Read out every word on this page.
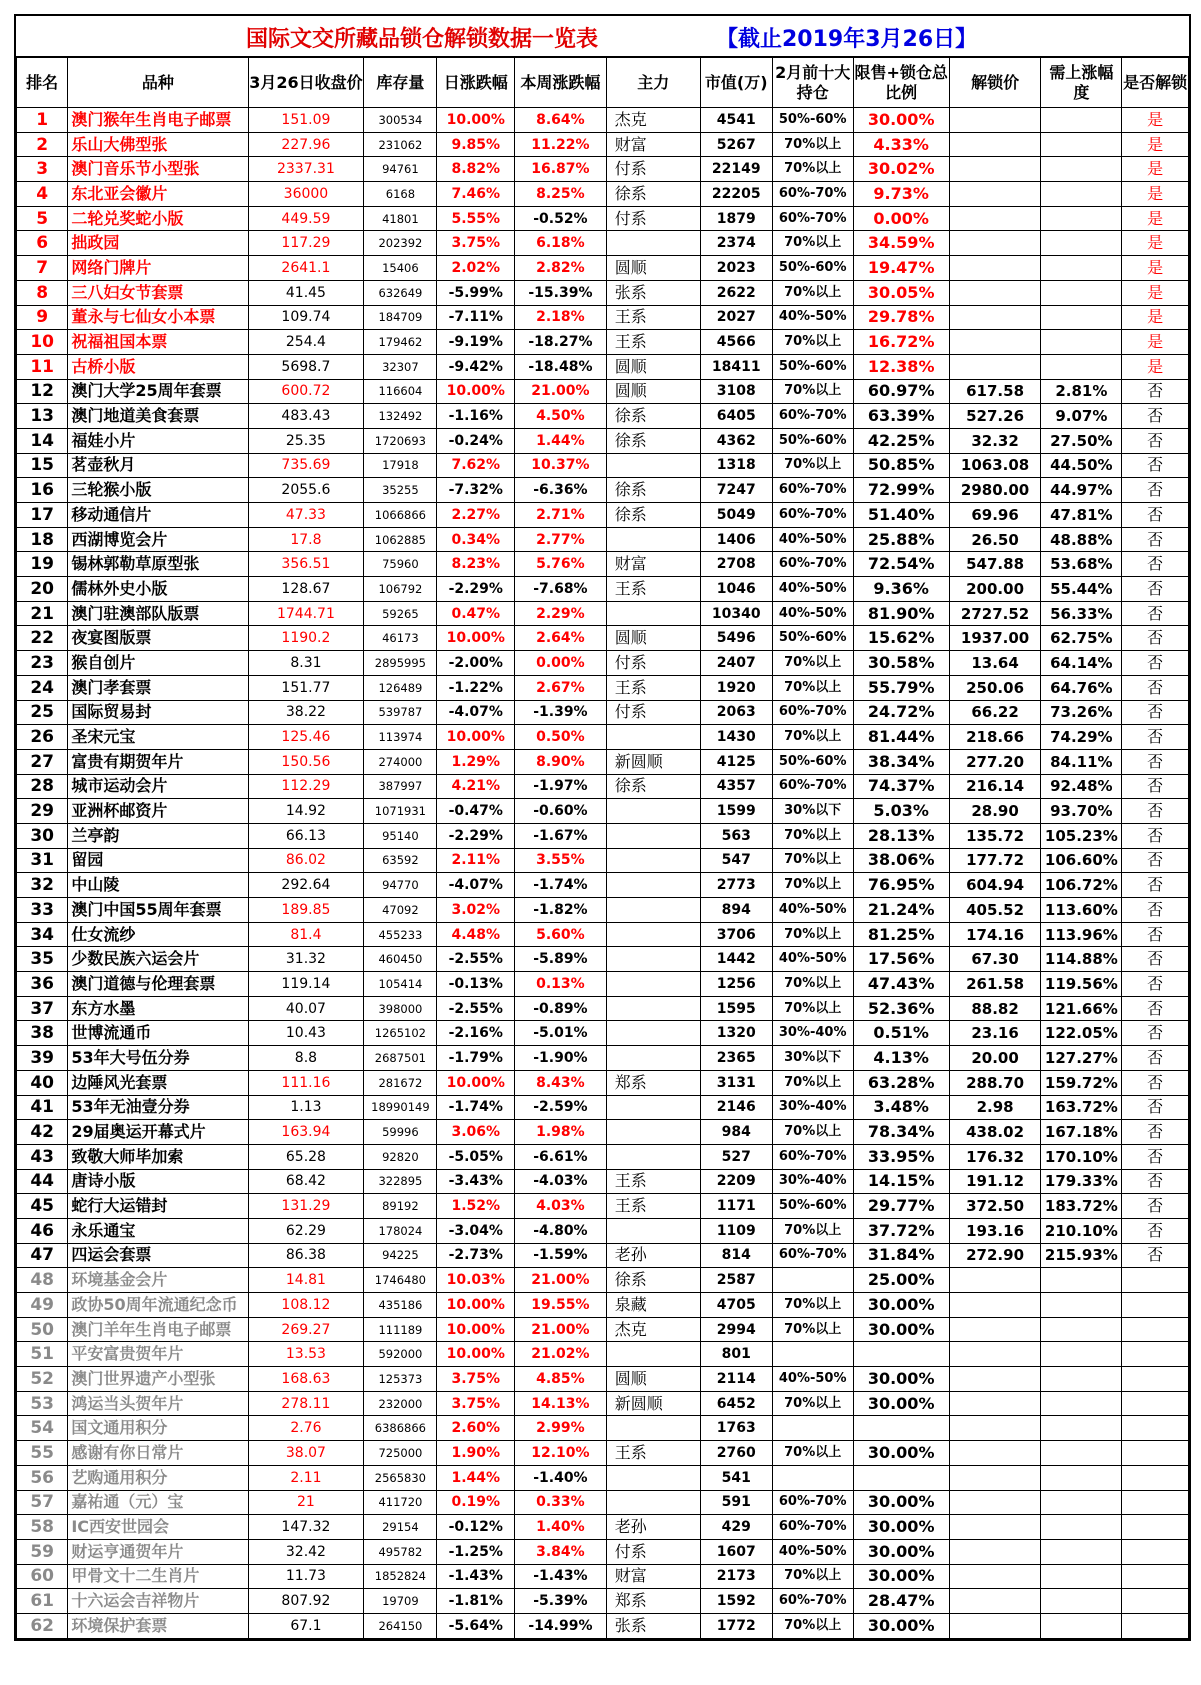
国际文交所藏品锁仓解锁数据一览表	【截止2019年3月26日】
排名	品种	3月26日收盘价	库存量	日涨跌幅	本周涨跌幅	主力	市值(万)	2月前十大持仓	限售+锁仓总比例	解锁价	需上涨幅度	是否解锁
1	澳门猴年生肖电子邮票	151.09	300534	10.00%	8.64%	杰克	4541	50%-60%	30.00%			是
2	乐山大佛型张	227.96	231062	9.85%	11.22%	财富	5267	70%以上	4.33%			是
3	澳门音乐节小型张	2337.31	94761	8.82%	16.87%	付系	22149	70%以上	30.02%			是
4	东北亚会徽片	36000	6168	7.46%	8.25%	徐系	22205	60%-70%	9.73%			是
5	二轮兑奖蛇小版	449.59	41801	5.55%	-0.52%	付系	1879	60%-70%	0.00%			是
6	拙政园	117.29	202392	3.75%	6.18%		2374	70%以上	34.59%			是
7	网络门牌片	2641.1	15406	2.02%	2.82%	圆顺	2023	50%-60%	19.47%			是
8	三八妇女节套票	41.45	632649	-5.99%	-15.39%	张系	2622	70%以上	30.05%			是
9	董永与七仙女小本票	109.74	184709	-7.11%	2.18%	王系	2027	40%-50%	29.78%			是
10	祝福祖国本票	254.4	179462	-9.19%	-18.27%	王系	4566	70%以上	16.72%			是
11	古桥小版	5698.7	32307	-9.42%	-18.48%	圆顺	18411	50%-60%	12.38%			是
12	澳门大学25周年套票	600.72	116604	10.00%	21.00%	圆顺	3108	70%以上	60.97%	617.58	2.81%	否
13	澳门地道美食套票	483.43	132492	-1.16%	4.50%	徐系	6405	60%-70%	63.39%	527.26	9.07%	否
14	福娃小片	25.35	1720693	-0.24%	1.44%	徐系	4362	50%-60%	42.25%	32.32	27.50%	否
15	茗壶秋月	735.69	17918	7.62%	10.37%		1318	70%以上	50.85%	1063.08	44.50%	否
16	三轮猴小版	2055.6	35255	-7.32%	-6.36%	徐系	7247	60%-70%	72.99%	2980.00	44.97%	否
17	移动通信片	47.33	1066866	2.27%	2.71%	徐系	5049	60%-70%	51.40%	69.96	47.81%	否
18	西湖博览会片	17.8	1062885	0.34%	2.77%		1406	40%-50%	25.88%	26.50	48.88%	否
19	锡林郭勒草原型张	356.51	75960	8.23%	5.76%	财富	2708	60%-70%	72.54%	547.88	53.68%	否
20	儒林外史小版	128.67	106792	-2.29%	-7.68%	王系	1046	40%-50%	9.36%	200.00	55.44%	否
21	澳门驻澳部队版票	1744.71	59265	0.47%	2.29%		10340	40%-50%	81.90%	2727.52	56.33%	否
22	夜宴图版票	1190.2	46173	10.00%	2.64%	圆顺	5496	50%-60%	15.62%	1937.00	62.75%	否
23	猴自创片	8.31	2895995	-2.00%	0.00%	付系	2407	70%以上	30.58%	13.64	64.14%	否
24	澳门孝套票	151.77	126489	-1.22%	2.67%	王系	1920	70%以上	55.79%	250.06	64.76%	否
25	国际贸易封	38.22	539787	-4.07%	-1.39%	付系	2063	60%-70%	24.72%	66.22	73.26%	否
26	圣宋元宝	125.46	113974	10.00%	0.50%		1430	70%以上	81.44%	218.66	74.29%	否
27	富贵有期贺年片	150.56	274000	1.29%	8.90%	新圆顺	4125	50%-60%	38.34%	277.20	84.11%	否
28	城市运动会片	112.29	387997	4.21%	-1.97%	徐系	4357	60%-70%	74.37%	216.14	92.48%	否
29	亚洲杯邮资片	14.92	1071931	-0.47%	-0.60%		1599	30%以下	5.03%	28.90	93.70%	否
30	兰亭韵	66.13	95140	-2.29%	-1.67%		563	70%以上	28.13%	135.72	105.23%	否
31	留园	86.02	63592	2.11%	3.55%		547	70%以上	38.06%	177.72	106.60%	否
32	中山陵	292.64	94770	-4.07%	-1.74%		2773	70%以上	76.95%	604.94	106.72%	否
33	澳门中国55周年套票	189.85	47092	3.02%	-1.82%		894	40%-50%	21.24%	405.52	113.60%	否
34	仕女流纱	81.4	455233	4.48%	5.60%		3706	70%以上	81.25%	174.16	113.96%	否
35	少数民族六运会片	31.32	460450	-2.55%	-5.89%		1442	40%-50%	17.56%	67.30	114.88%	否
36	澳门道德与伦理套票	119.14	105414	-0.13%	0.13%		1256	70%以上	47.43%	261.58	119.56%	否
37	东方水墨	40.07	398000	-2.55%	-0.89%		1595	70%以上	52.36%	88.82	121.66%	否
38	世博流通币	10.43	1265102	-2.16%	-5.01%		1320	30%-40%	0.51%	23.16	122.05%	否
39	53年大号伍分券	8.8	2687501	-1.79%	-1.90%		2365	30%以下	4.13%	20.00	127.27%	否
40	边陲风光套票	111.16	281672	10.00%	8.43%	郑系	3131	70%以上	63.28%	288.70	159.72%	否
41	53年无油壹分券	1.13	18990149	-1.74%	-2.59%		2146	30%-40%	3.48%	2.98	163.72%	否
42	29届奥运开幕式片	163.94	59996	3.06%	1.98%		984	70%以上	78.34%	438.02	167.18%	否
43	致敬大师毕加索	65.28	92820	-5.05%	-6.61%		527	60%-70%	33.95%	176.32	170.10%	否
44	唐诗小版	68.42	322895	-3.43%	-4.03%	王系	2209	30%-40%	14.15%	191.12	179.33%	否
45	蛇行大运错封	131.29	89192	1.52%	4.03%	王系	1171	50%-60%	29.77%	372.50	183.72%	否
46	永乐通宝	62.29	178024	-3.04%	-4.80%		1109	70%以上	37.72%	193.16	210.10%	否
47	四运会套票	86.38	94225	-2.73%	-1.59%	老孙	814	60%-70%	31.84%	272.90	215.93%	否
48	环境基金会片	14.81	1746480	10.03%	21.00%	徐系	2587		25.00%			
49	政协50周年流通纪念币	108.12	435186	10.00%	19.55%	泉藏	4705	70%以上	30.00%			
50	澳门羊年生肖电子邮票	269.27	111189	10.00%	21.00%	杰克	2994	70%以上	30.00%			
51	平安富贵贺年片	13.53	592000	10.00%	21.02%		801					
52	澳门世界遗产小型张	168.63	125373	3.75%	4.85%	圆顺	2114	40%-50%	30.00%			
53	鸿运当头贺年片	278.11	232000	3.75%	14.13%	新圆顺	6452	70%以上	30.00%			
54	国文通用积分	2.76	6386866	2.60%	2.99%		1763					
55	感谢有你日常片	38.07	725000	1.90%	12.10%	王系	2760	70%以上	30.00%			
56	艺购通用积分	2.11	2565830	1.44%	-1.40%		541					
57	嘉祐通（元）宝	21	411720	0.19%	0.33%		591	60%-70%	30.00%			
58	IC西安世园会	147.32	29154	-0.12%	1.40%	老孙	429	60%-70%	30.00%			
59	财运亨通贺年片	32.42	495782	-1.25%	3.84%	付系	1607	40%-50%	30.00%			
60	甲骨文十二生肖片	11.73	1852824	-1.43%	-1.43%	财富	2173	70%以上	30.00%			
61	十六运会吉祥物片	807.92	19709	-1.81%	-5.39%	郑系	1592	60%-70%	28.47%			
62	环境保护套票	67.1	264150	-5.64%	-14.99%	张系	1772	70%以上	30.00%			
